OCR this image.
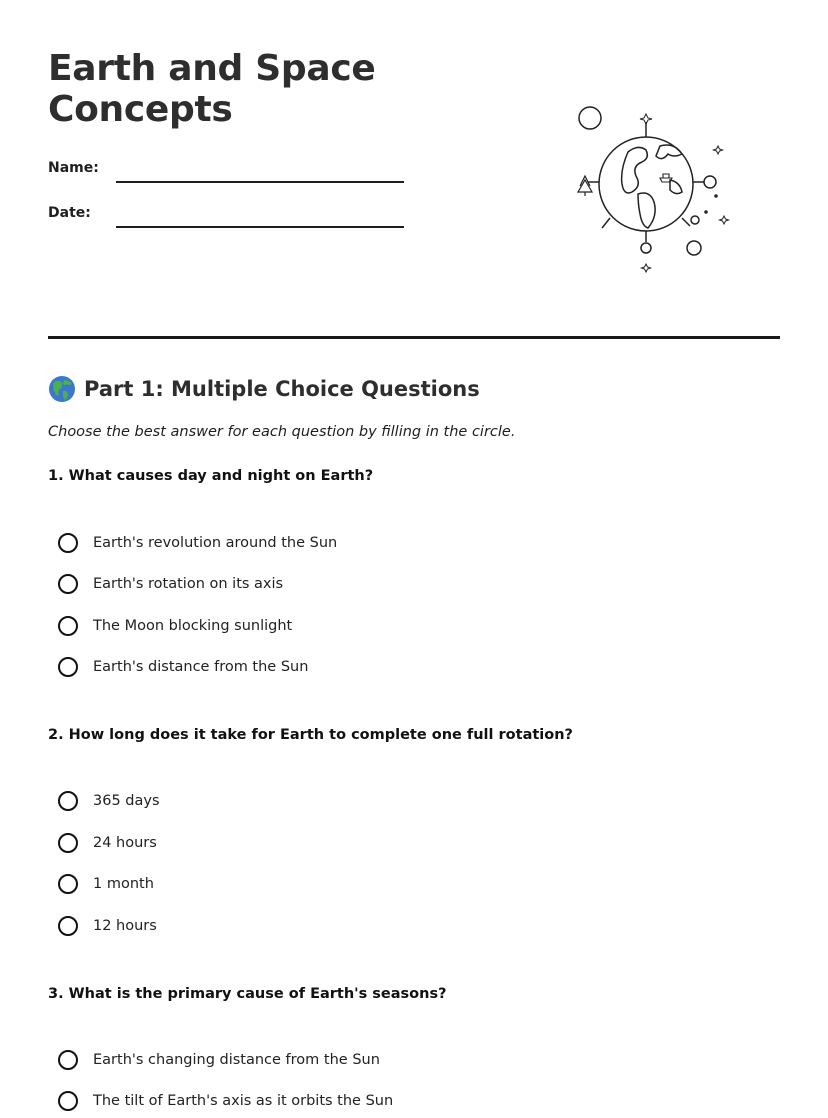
Earth and Space
Concepts
Name:
Date:
Part 1: Multiple Choice Questions
Choose the best answer for each question by filling in the circle.
1. What causes day and night on Earth?
Earth's revolution around the Sun
Earth's rotation on its axis
The Moon blocking sunlight
Earth's distance from the Sun
2. How long does it take for Earth to complete one full rotation?
365 days
24 hours
1 month
12 hours
3. What is the primary cause of Earth's seasons?
Earth's changing distance from the Sun
The tilt of Earth's axis as it orbits the Sun
